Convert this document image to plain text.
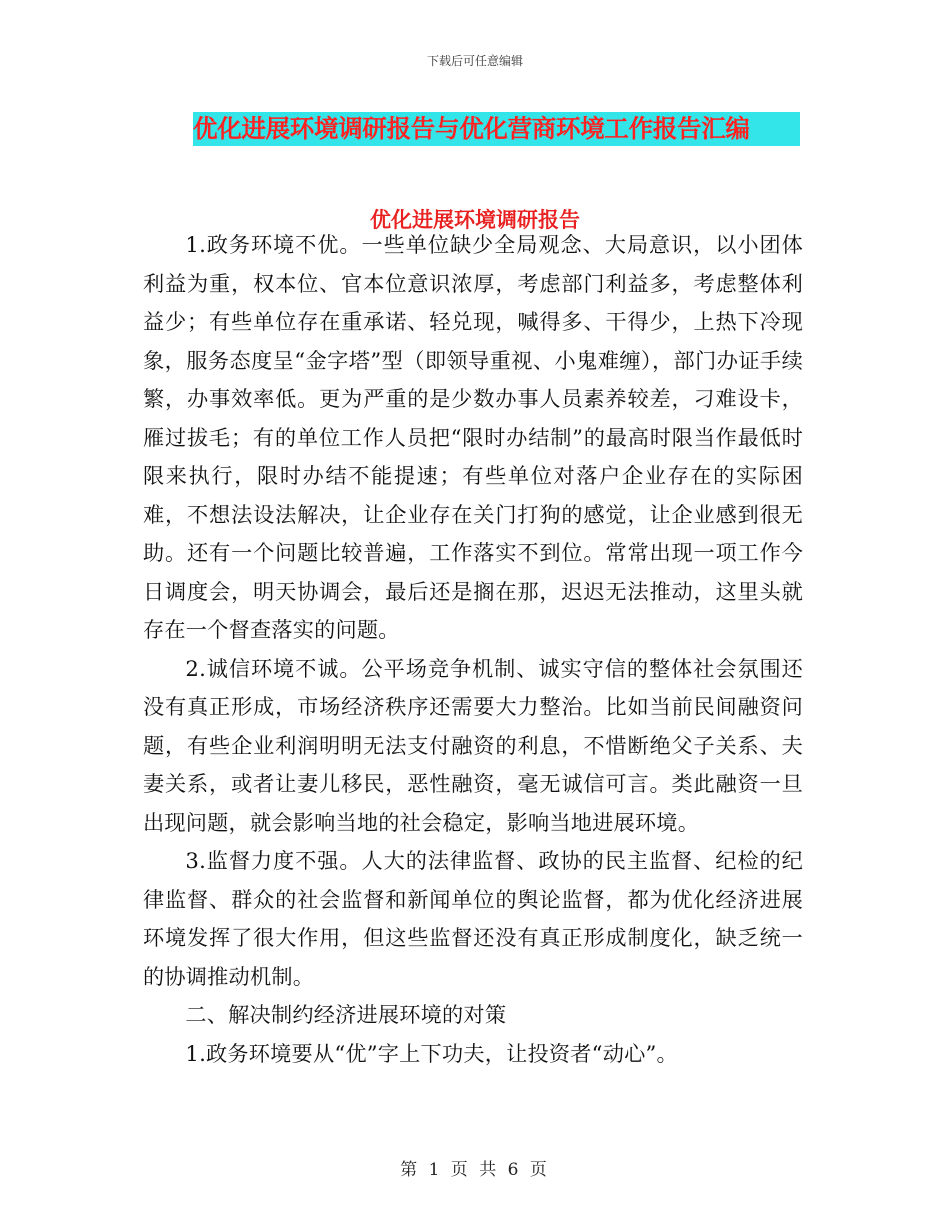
下载后可任意编辑
优化进展环境调研报告与优化营商环境工作报告汇编
优化进展环境调研报告

1.政务环境不优。一些单位缺少全局观念、大局意识，以小团体利益为重，权本位、官本位意识浓厚，考虑部门利益多，考虑整体利益少；有些单位存在重承诺、轻兑现，喊得多、干得少，上热下冷现象，服务态度呈“金字塔”型（即领导重视、小鬼难缠），部门办证手续繁，办事效率低。更为严重的是少数办事人员素养较差，刁难设卡，雁过拔毛；有的单位工作人员把“限时办结制”的最高时限当作最低时限来执行，限时办结不能提速；有些单位对落户企业存在的实际困难，不想法设法解决，让企业存在关门打狗的感觉，让企业感到很无助。还有一个问题比较普遍，工作落实不到位。常常出现一项工作今日调度会，明天协调会，最后还是搁在那，迟迟无法推动，这里头就存在一个督查落实的问题。

2.诚信环境不诚。公平场竞争机制、诚实守信的整体社会氛围还没有真正形成，市场经济秩序还需要大力整治。比如当前民间融资问题，有些企业利润明明无法支付融资的利息，不惜断绝父子关系、夫妻关系，或者让妻儿移民，恶性融资，毫无诚信可言。类此融资一旦出现问题，就会影响当地的社会稳定，影响当地进展环境。

3.监督力度不强。人大的法律监督、政协的民主监督、纪检的纪律监督、群众的社会监督和新闻单位的舆论监督，都为优化经济进展环境发挥了很大作用，但这些监督还没有真正形成制度化，缺乏统一的协调推动机制。

二、解决制约经济进展环境的对策

1.政务环境要从“优”字上下功夫，让投资者“动心”。

第 1 页 共 6 页
